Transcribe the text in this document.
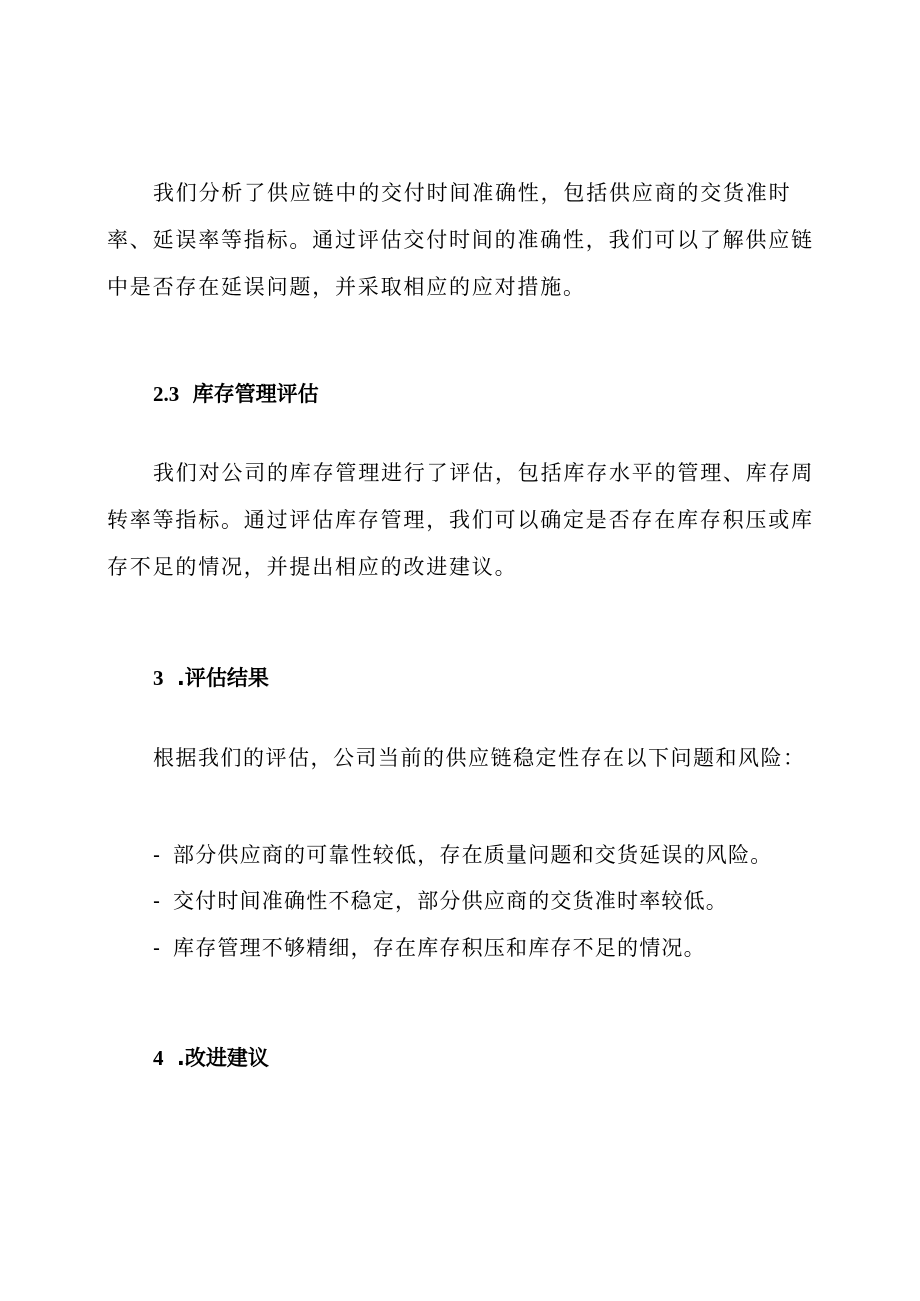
我们分析了供应链中的交付时间准确性，包括供应商的交货准时率、延误率等指标。通过评估交付时间的准确性，我们可以了解供应链中是否存在延误问题，并采取相应的应对措施。

2.3 库存管理评估

我们对公司的库存管理进行了评估，包括库存水平的管理、库存周转率等指标。通过评估库存管理，我们可以确定是否存在库存积压或库存不足的情况，并提出相应的改进建议。

3 .评估结果

根据我们的评估，公司当前的供应链稳定性存在以下问题和风险：

- 部分供应商的可靠性较低，存在质量问题和交货延误的风险。

- 交付时间准确性不稳定，部分供应商的交货准时率较低。

- 库存管理不够精细，存在库存积压和库存不足的情况。

4 .改进建议
